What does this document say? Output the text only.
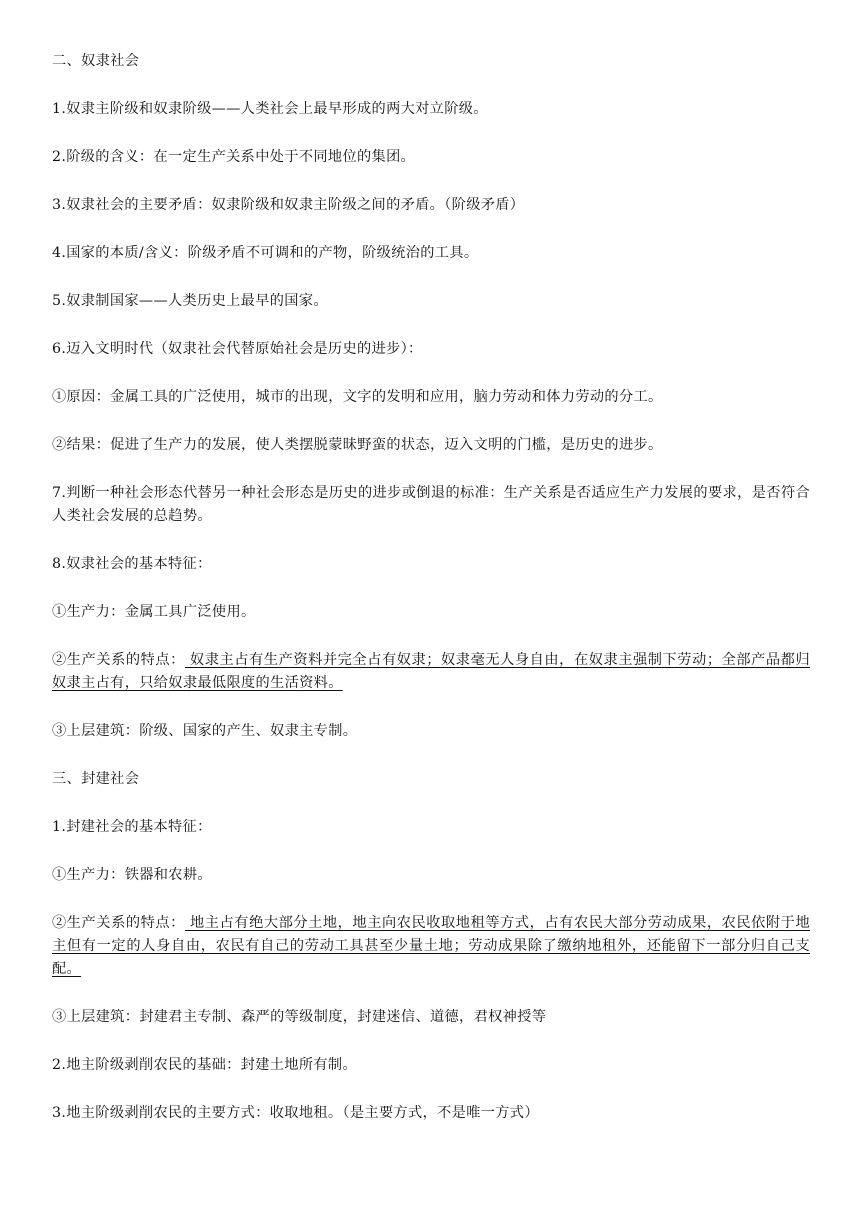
二、奴隶社会

1.奴隶主阶级和奴隶阶级——人类社会上最早形成的两大对立阶级。

2.阶级的含义：在一定生产关系中处于不同地位的集团。

3.奴隶社会的主要矛盾：奴隶阶级和奴隶主阶级之间的矛盾。（阶级矛盾）

4.国家的本质/含义：阶级矛盾不可调和的产物，阶级统治的工具。

5.奴隶制国家——人类历史上最早的国家。

6.迈入文明时代（奴隶社会代替原始社会是历史的进步）：

①原因：金属工具的广泛使用，城市的出现，文字的发明和应用，脑力劳动和体力劳动的分工。

②结果：促进了生产力的发展，使人类摆脱蒙昧野蛮的状态，迈入文明的门槛，是历史的进步。

7.判断一种社会形态代替另一种社会形态是历史的进步或倒退的标准：生产关系是否适应生产力发展的要求，是否符合人类社会发展的总趋势。

8.奴隶社会的基本特征：

①生产力：金属工具广泛使用。

②生产关系的特点： 奴隶主占有生产资料并完全占有奴隶；奴隶毫无人身自由，在奴隶主强制下劳动；全部产品都归奴隶主占有，只给奴隶最低限度的生活资料。

③上层建筑：阶级、国家的产生、奴隶主专制。

三、封建社会

1.封建社会的基本特征：

①生产力：铁器和农耕。

②生产关系的特点： 地主占有绝大部分土地，地主向农民收取地租等方式，占有农民大部分劳动成果，农民依附于地主但有一定的人身自由，农民有自己的劳动工具甚至少量土地；劳动成果除了缴纳地租外，还能留下一部分归自己支配。

③上层建筑：封建君主专制、森严的等级制度，封建迷信、道德，君权神授等

2.地主阶级剥削农民的基础：封建土地所有制。

3.地主阶级剥削农民的主要方式：收取地租。（是主要方式，不是唯一方式）
